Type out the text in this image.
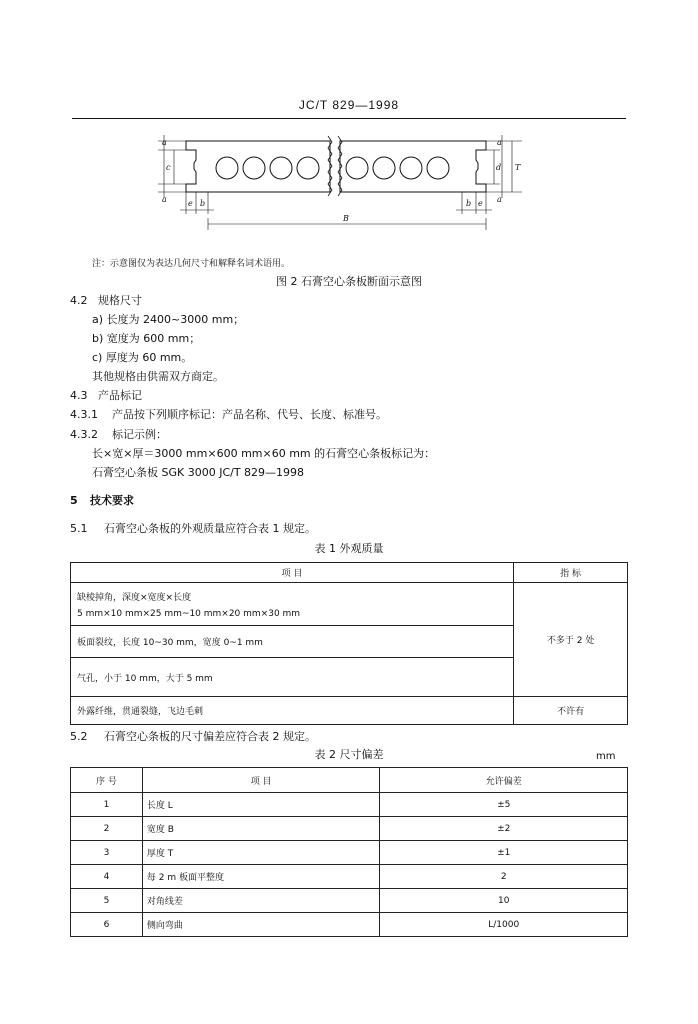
JC/T 829—1998
a
c
a	e b
d T
a
a
b e
B
注：示意图仅为表达几何尺寸和解释名词术语用。
图 2 石膏空心条板断面示意图
4.2 规格尺寸
a) 长度为 2400~3000 mm；
b) 宽度为 600 mm；
c) 厚度为 60 mm。
其他规格由供需双方商定。
4.3 产品标记
4.3.1 产品按下列顺序标记：产品名称、代号、长度、标准号。
4.3.2 标记示例：
长×宽×厚＝3000 mm×600 mm×60 mm 的石膏空心条板标记为：
石膏空心条板 SGK 3000 JC/T 829—1998
5 技术要求
5.1 石膏空心条板的外观质量应符合表 1 规定。
表 1 外观质量
项 目	指 标

缺棱掉角，深度×宽度×长度
5 mm×10 mm×25 mm~10 mm×20 mm×30 mm	不多于 2 处
板面裂纹，长度 10~30 mm，宽度 0~1 mm	
气孔，小于 10 mm，大于 5 mm	
外露纤维，贯通裂缝，飞边毛刺	不许有
5.2 石膏空心条板的尺寸偏差应符合表 2 规定。
表 2 尺寸偏差	mm
序 号	项 目	允许偏差
1	长度 L	±5
2	宽度 B	±2
3	厚度 T	±1
4	每 2 m 板面平整度	2
5	对角线差	10
6	侧向弯曲	L/1000
